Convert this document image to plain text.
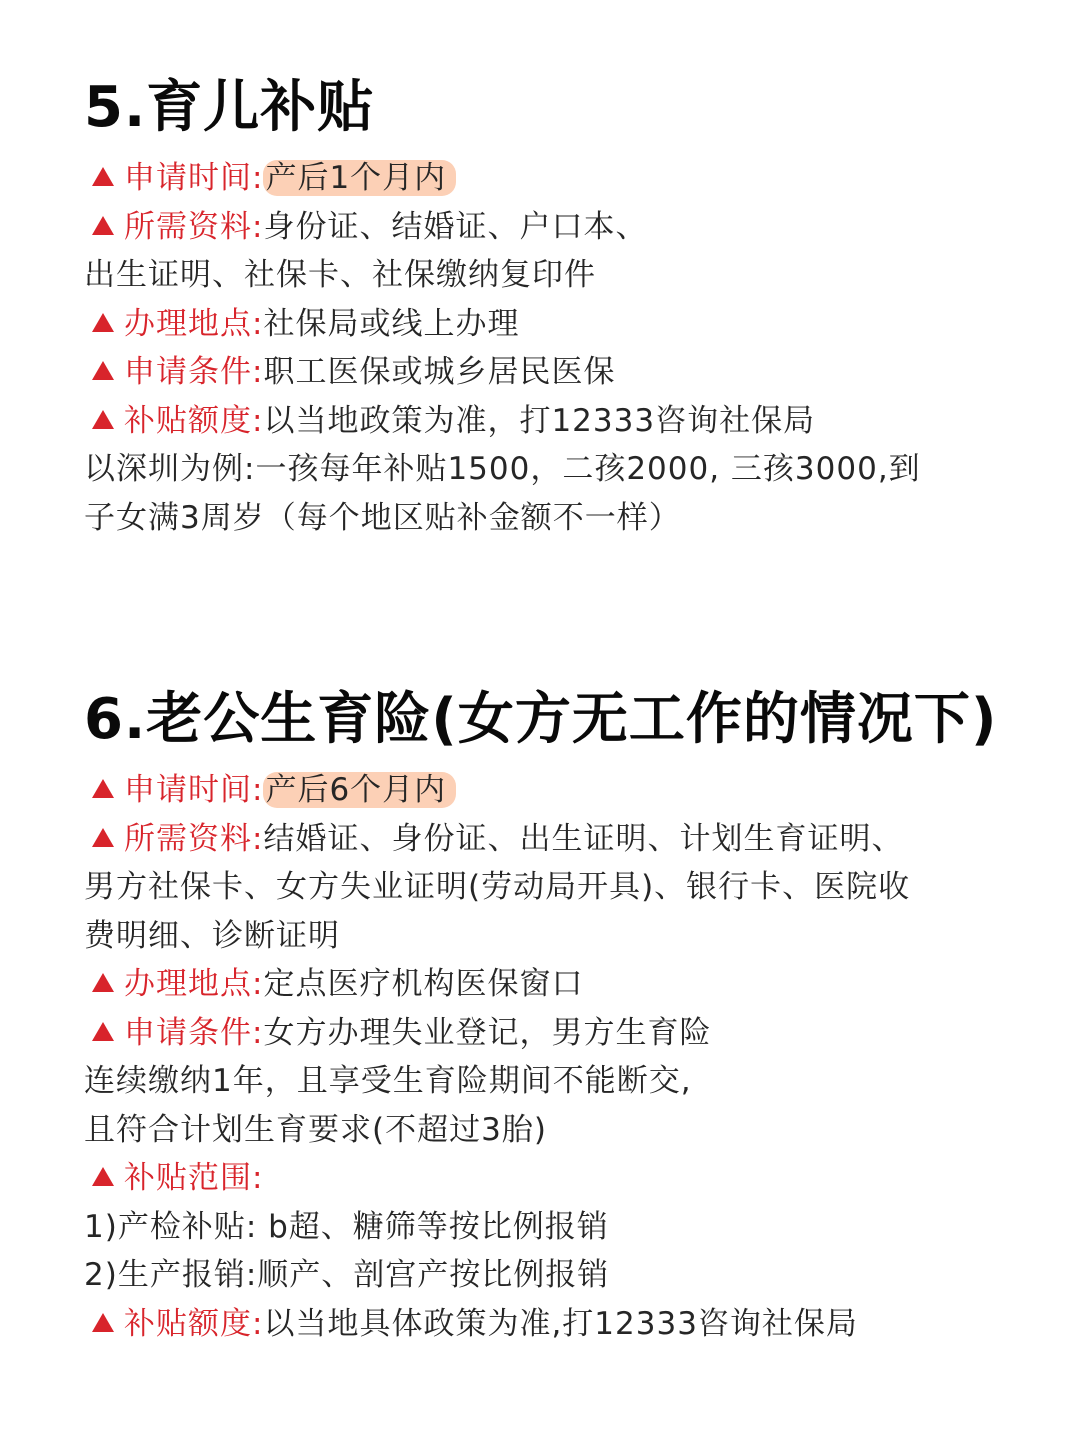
5.育儿补贴
申请时间:产后1个月内
所需资料:身份证、结婚证、户口本、
出生证明、社保卡、社保缴纳复印件
办理地点:社保局或线上办理
申请条件:职工医保或城乡居民医保
补贴额度:以当地政策为准，打12333咨询社保局
以深圳为例:一孩每年补贴1500，二孩2000, 三孩3000,到
子女满3周岁（每个地区贴补金额不一样）
6.老公生育险(女方无工作的情况下)
申请时间:产后6个月内
所需资料:结婚证、身份证、出生证明、计划生育证明、
男方社保卡、女方失业证明(劳动局开具)、银行卡、医院收
费明细、诊断证明
办理地点:定点医疗机构医保窗口
申请条件:女方办理失业登记，男方生育险
连续缴纳1年，且享受生育险期间不能断交,
且符合计划生育要求(不超过3胎)
补贴范围:
1)产检补贴: b超、糖筛等按比例报销
2)生产报销:顺产、剖宫产按比例报销
补贴额度:以当地具体政策为准,打12333咨询社保局
